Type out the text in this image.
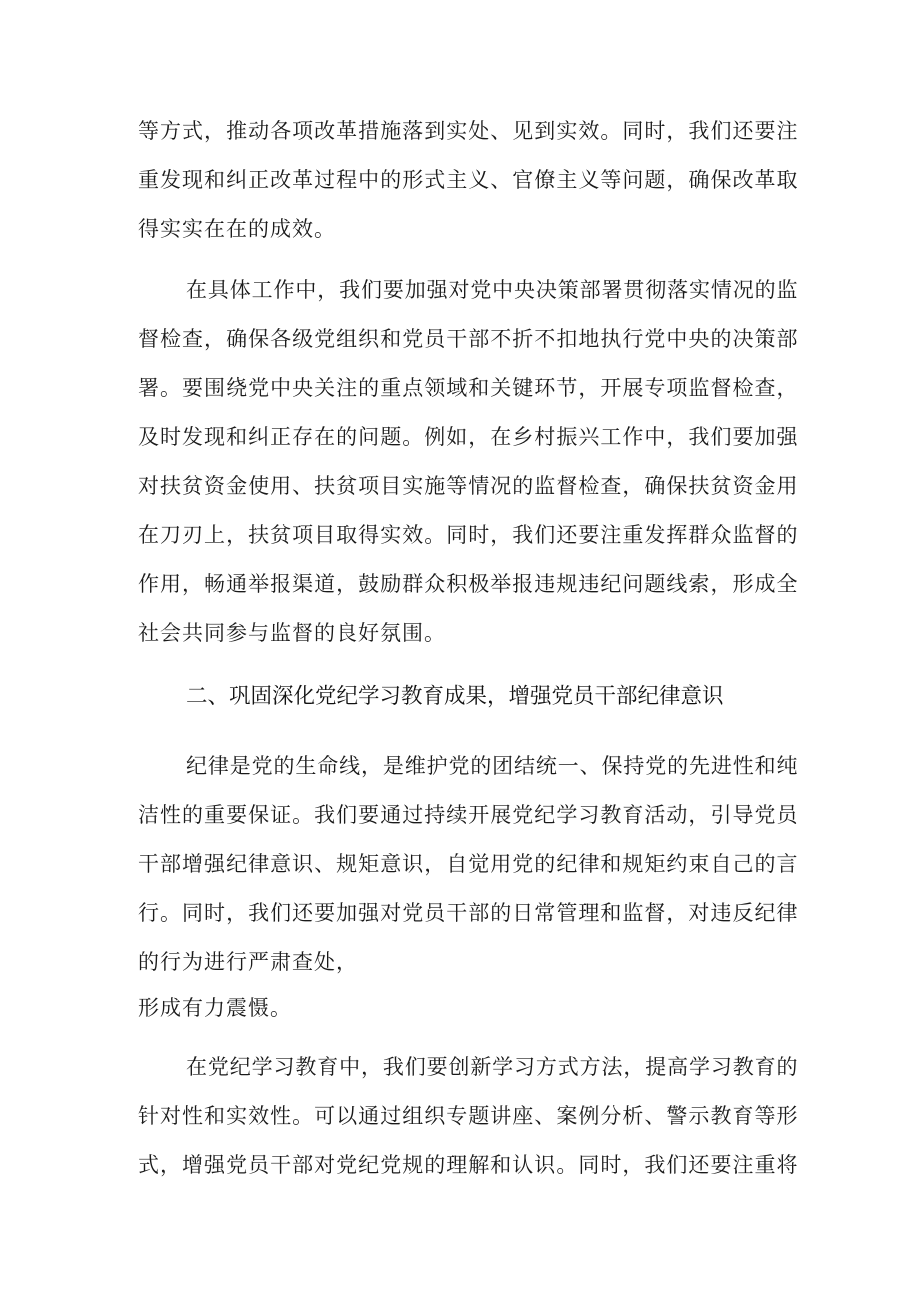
等方式，推动各项改革措施落到实处、见到实效。同时，我们还要注
重发现和纠正改革过程中的形式主义、官僚主义等问题，确保改革取
得实实在在的成效。
在具体工作中，我们要加强对党中央决策部署贯彻落实情况的监
督检查，确保各级党组织和党员干部不折不扣地执行党中央的决策部
署。要围绕党中央关注的重点领域和关键环节，开展专项监督检查，
及时发现和纠正存在的问题。例如，在乡村振兴工作中，我们要加强
对扶贫资金使用、扶贫项目实施等情况的监督检查，确保扶贫资金用
在刀刃上，扶贫项目取得实效。同时，我们还要注重发挥群众监督的
作用，畅通举报渠道，鼓励群众积极举报违规违纪问题线索，形成全
社会共同参与监督的良好氛围。
二、巩固深化党纪学习教育成果，增强党员干部纪律意识
纪律是党的生命线，是维护党的团结统一、保持党的先进性和纯
洁性的重要保证。我们要通过持续开展党纪学习教育活动，引导党员
干部增强纪律意识、规矩意识，自觉用党的纪律和规矩约束自己的言
行。同时，我们还要加强对党员干部的日常管理和监督，对违反纪律
的行为进行严肃查处，
形成有力震慑。
在党纪学习教育中，我们要创新学习方式方法，提高学习教育的
针对性和实效性。可以通过组织专题讲座、案例分析、警示教育等形
式，增强党员干部对党纪党规的理解和认识。同时，我们还要注重将
